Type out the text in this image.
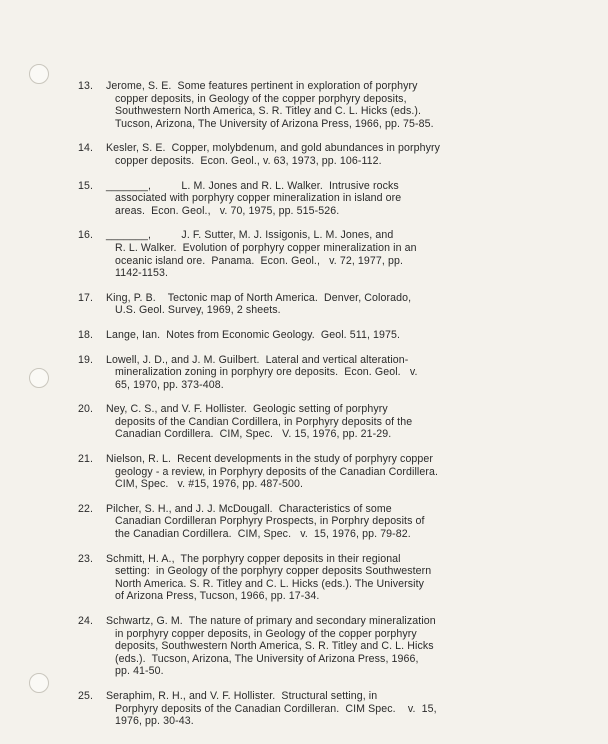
13.	Jerome, S. E.  Some features pertinent in exploration of porphyry
copper deposits, in Geology of the copper porphyry deposits,
Southwestern North America, S. R. Titley and C. L. Hicks (eds.).
Tucson, Arizona, The University of Arizona Press, 1966, pp. 75-85.
14.	Kesler, S. E.  Copper, molybdenum, and gold abundances in porphyry
copper deposits.  Econ. Geol., v. 63, 1973, pp. 106-112.
15.	_______,          L. M. Jones and R. L. Walker.  Intrusive rocks
associated with porphyry copper mineralization in island ore
areas.  Econ. Geol.,   v. 70, 1975, pp. 515-526.
16.	_______,          J. F. Sutter, M. J. Issigonis, L. M. Jones, and
R. L. Walker.  Evolution of porphyry copper mineralization in an
oceanic island ore.  Panama.  Econ. Geol.,   v. 72, 1977, pp.
1142-1153.
17.	King, P. B.    Tectonic map of North America.  Denver, Colorado,
U.S. Geol. Survey, 1969, 2 sheets.
18.	Lange, Ian.  Notes from Economic Geology.  Geol. 511, 1975.
19.	Lowell, J. D., and J. M. Guilbert.  Lateral and vertical alteration-
mineralization zoning in porphyry ore deposits.  Econ. Geol.   v.
65, 1970, pp. 373-408.
20.	Ney, C. S., and V. F. Hollister.  Geologic setting of porphyry
deposits of the Candian Cordillera, in Porphyry deposits of the
Canadian Cordillera.  CIM, Spec.   V. 15, 1976, pp. 21-29.
21.	Nielson, R. L.  Recent developments in the study of porphyry copper
geology - a review, in Porphyry deposits of the Canadian Cordillera.
CIM, Spec.   v. #15, 1976, pp. 487-500.
22.	Pilcher, S. H., and J. J. McDougall.  Characteristics of some
Canadian Cordilleran Porphyry Prospects, in Porphry deposits of
the Canadian Cordillera.  CIM, Spec.   v.  15, 1976, pp. 79-82.
23.	Schmitt, H. A.,  The porphyry copper deposits in their regional
setting:  in Geology of the porphyry copper deposits Southwestern
North America. S. R. Titley and C. L. Hicks (eds.). The University
of Arizona Press, Tucson, 1966, pp. 17-34.
24.	Schwartz, G. M.  The nature of primary and secondary mineralization
in porphyry copper deposits, in Geology of the copper porphyry
deposits, Southwestern North America, S. R. Titley and C. L. Hicks
(eds.).  Tucson, Arizona, The University of Arizona Press, 1966,
pp. 41-50.
25.	Seraphim, R. H., and V. F. Hollister.  Structural setting, in
Porphyry deposits of the Canadian Cordilleran.  CIM Spec.    v.  15,
1976, pp. 30-43.
